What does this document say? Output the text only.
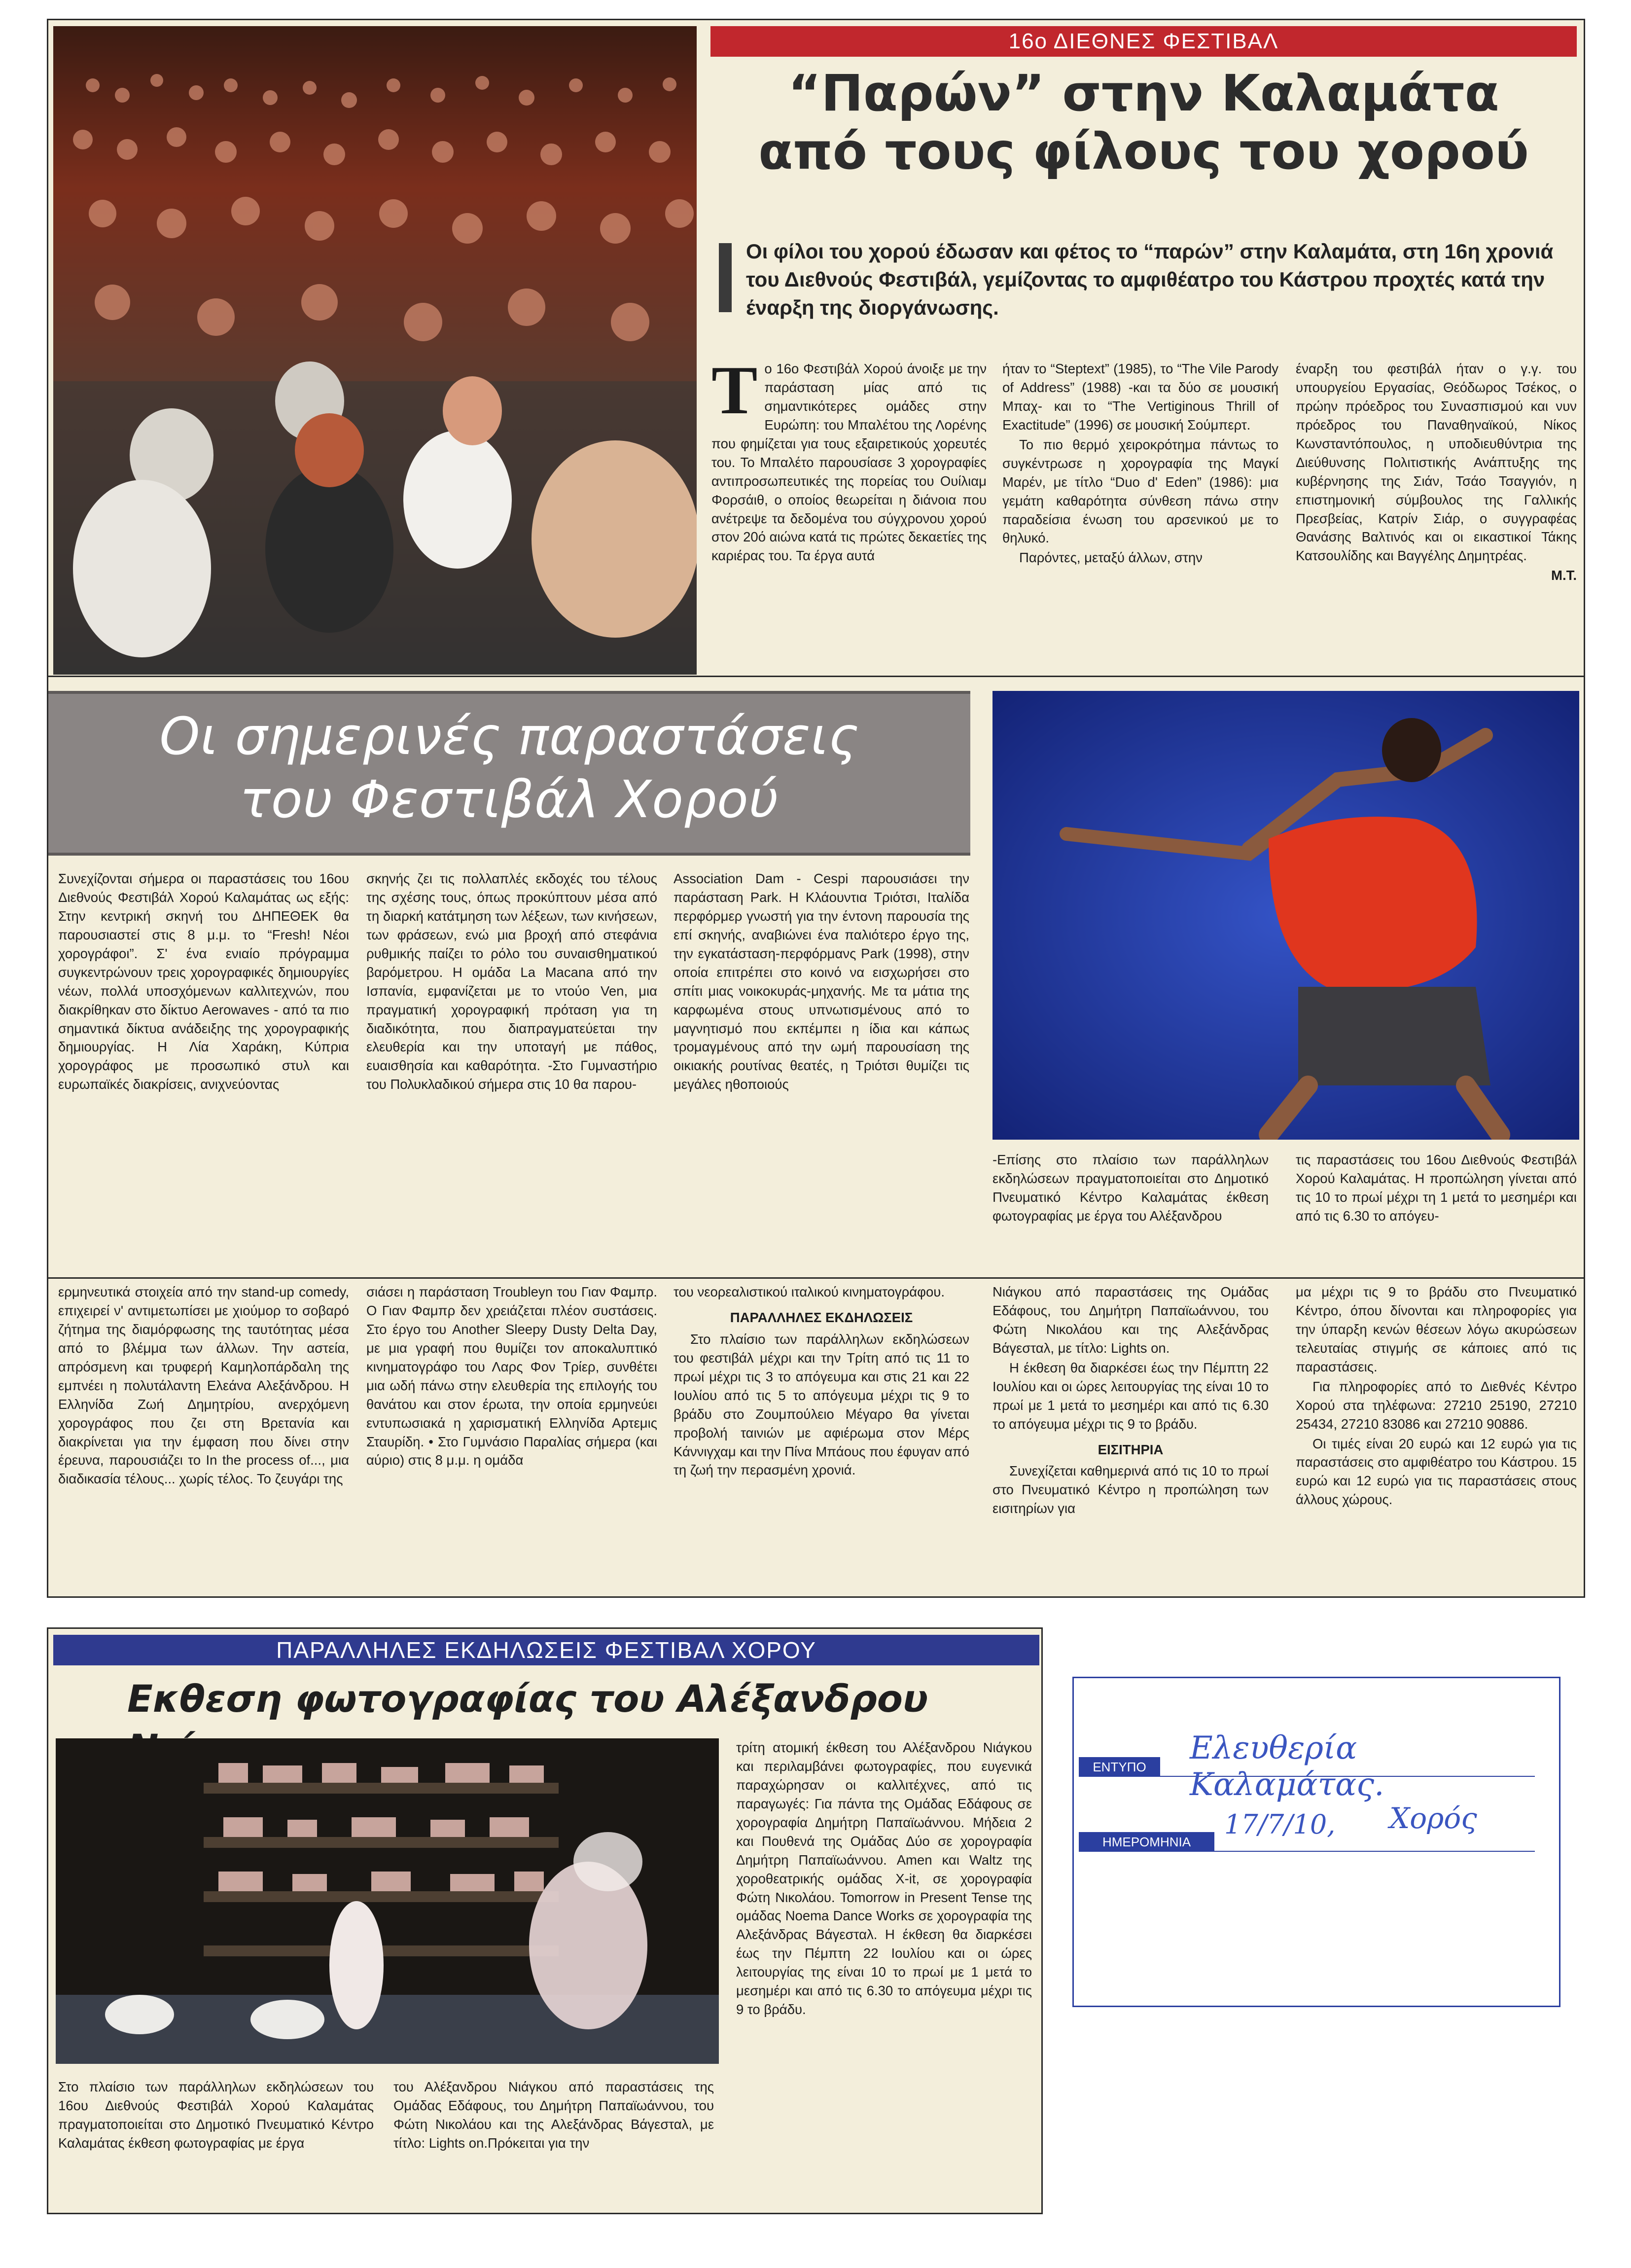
16ο ΔΙΕΘΝΕΣ ΦΕΣΤΙΒΑΛ
“Παρών” στην Καλαμάτα
από τους φίλους του χορού
Οι φίλοι του χορού έδωσαν και φέτος το “παρών” στην Καλαμάτα, στη 16η χρονιά του Διεθνούς Φεστιβάλ, γεμίζοντας το αμφιθέατρο του Κάστρου προχτές κατά την έναρξη της διοργάνωσης.
Τ ο 16ο Φεστιβάλ Χορού άνοιξε με την παράσταση μίας από τις σημαντικότερες ομάδες στην Ευρώπη: του Μπαλέτου της Λορένης που φημίζεται για τους εξαιρετικούς χορευτές του. Το Μπαλέτο παρουσίασε 3 χορογραφίες αντιπροσωπευτικές της πορείας του Ουίλιαμ Φορσάιθ, ο οποίος θεωρείται η διάνοια που ανέτρεψε τα δεδομένα του σύγχρονου χορού στον 20ό αιώνα κατά τις πρώτες δεκαετίες της καριέρας του. Τα έργα αυτά

ήταν το “Steptext” (1985), το “The Vile Parody of Address” (1988) -και τα δύο σε μουσική Μπαχ- και το “The Vertiginous Thrill of Exactitude” (1996) σε μουσική Σούμπερτ.

Το πιο θερμό χειροκρότημα πάντως το συγκέντρωσε η χορογραφία της Μαγκί Μαρέν, με τίτλο “Duo d' Eden” (1986): μια γεμάτη καθαρότητα σύνθεση πάνω στην παραδείσια ένωση του αρσενικού με το θηλυκό.

Παρόντες, μεταξύ άλλων, στην

έναρξη του φεστιβάλ ήταν ο γ.γ. του υπουργείου Εργασίας, Θεόδωρος Τσέκος, ο πρώην πρόεδρος του Συνασπισμού και νυν πρόεδρος του Παναθηναϊκού, Νίκος Κωνσταντόπουλος, η υποδιευθύντρια της Διεύθυνσης Πολιτιστικής Ανάπτυξης της κυβέρνησης της Σιάν, Τσάο Τσαγγιόν, η επιστημονική σύμβουλος της Γαλλικής Πρεσβείας, Κατρίν Σιάρ, ο συγγραφέας Θανάσης Βαλτινός και οι εικαστικοί Τάκης Κατσουλίδης και Βαγγέλης Δημητρέας.
Μ.Τ.
Οι σημερινές παραστάσεις
του Φεστιβάλ Χορού
Συνεχίζονται σήμερα οι παραστάσεις του 16ου Διεθνούς Φεστιβάλ Χορού Καλαμάτας ως εξής: Στην κεντρική σκηνή του ΔΗΠΕΘΕΚ θα παρουσιαστεί στις 8 μ.μ. το “Fresh! Νέοι χορογράφοι”. Σ' ένα ενιαίο πρόγραμμα συγκεντρώνουν τρεις χορογραφικές δημιουργίες νέων, πολλά υποσχόμενων καλλιτεχνών, που διακρίθηκαν στο δίκτυο Aerowaves - από τα πιο σημαντικά δίκτυα ανάδειξης της χορογραφικής δημιουργίας. Η Λία Χαράκη, Κύπρια χορογράφος με προσωπικό στυλ και ευρωπαϊκές διακρίσεις, ανιχνεύοντας
σκηνής ζει τις πολλαπλές εκδοχές του τέλους της σχέσης τους, όπως προκύπτουν μέσα από τη διαρκή κατάτμηση των λέξεων, των κινήσεων, των φράσεων, ενώ μια βροχή από στεφάνια ρυθμικής παίζει το ρόλο του συναισθηματικού βαρόμετρου. Η ομάδα La Macana από την Ισπανία, εμφανίζεται με το ντούο Ven, μια πραγματική χορογραφική πρόταση για τη διαδικότητα, που διαπραγματεύεται την ελευθερία και την υποταγή με πάθος, ευαισθησία και καθαρότητα. -Στο Γυμναστήριο του Πολυκλαδικού σήμερα στις 10 θα παρου-
Association Dam - Cespi παρουσιάσει την παράσταση Park. Η Κλάουντια Τριότσι, Ιταλίδα περφόρμερ γνωστή για την έντονη παρουσία της επί σκηνής, αναβιώνει ένα παλιότερο έργο της, την εγκατάσταση-περφόρμανς Park (1998), στην οποία επιτρέπει στο κοινό να εισχωρήσει στο σπίτι μιας νοικοκυράς-μηχανής. Με τα μάτια της καρφωμένα στους υπνωτισμένους από το μαγνητισμό που εκπέμπει η ίδια και κάπως τρομαγμένους από την ωμή παρουσίαση της οικιακής ρουτίνας θεατές, η Τριότσι θυμίζει τις μεγάλες ηθοποιούς
-Επίσης στο πλαίσιο των παράλληλων εκδηλώσεων πραγματοποιείται στο Δημοτικό Πνευματικό Κέντρο Καλαμάτας έκθεση φωτογραφίας με έργα του Αλέξανδρου
τις παραστάσεις του 16ου Διεθνούς Φεστιβάλ Χορού Καλαμάτας. Η προπώληση γίνεται από τις 10 το πρωί μέχρι τη 1 μετά το μεσημέρι και από τις 6.30 το απόγευ-
ερμηνευτικά στοιχεία από την stand-up comedy, επιχειρεί ν' αντιμετωπίσει με χιούμορ το σοβαρό ζήτημα της διαμόρφωσης της ταυτότητας μέσα από το βλέμμα των άλλων. Την αστεία, απρόσμενη και τρυφερή Καμηλοπάρδαλη της εμπνέει η πολυτάλαντη Ελεάνα Αλεξάνδρου. Η Ελληνίδα Ζωή Δημητρίου, ανερχόμενη χορογράφος που ζει στη Βρετανία και διακρίνεται για την έμφαση που δίνει στην έρευνα, παρουσιάζει το In the process of..., μια διαδικασία τέλους... χωρίς τέλος. Το ζευγάρι της
σιάσει η παράσταση Troubleyn του Γιαν Φαμπρ. Ο Γιαν Φαμπρ δεν χρειάζεται πλέον συστάσεις. Στο έργο του Another Sleepy Dusty Delta Day, με μια γραφή που θυμίζει τον αποκαλυπτικό κινηματογράφο του Λαρς Φον Τρίερ, συνθέτει μια ωδή πάνω στην ελευθερία της επιλογής του θανάτου και στον έρωτα, την οποία ερμηνεύει εντυπωσιακά η χαρισματική Ελληνίδα Αρτεμις Σταυρίδη. • Στο Γυμνάσιο Παραλίας σήμερα (και αύριο) στις 8 μ.μ. η ομάδα

του νεορεαλιστικού ιταλικού κινηματογράφου.

ΠΑΡΑΛΛΗΛΕΣ ΕΚΔΗΛΩΣΕΙΣ

Στο πλαίσιο των παράλληλων εκδηλώσεων του φεστιβάλ μέχρι και την Τρίτη από τις 11 το πρωί μέχρι τις 3 το απόγευμα και στις 21 και 22 Ιουλίου από τις 5 το απόγευμα μέχρι τις 9 το βράδυ στο Ζουμπούλειο Μέγαρο θα γίνεται προβολή ταινιών με αφιέρωμα στον Μέρς Κάννιγχαμ και την Πίνα Μπάους που έφυγαν από τη ζωή την περασμένη χρονιά.

Νιάγκου από παραστάσεις της Ομάδας Εδάφους, του Δημήτρη Παπαϊωάννου, του Φώτη Νικολάου και της Αλεξάνδρας Βάγεσταλ, με τίτλο: Lights on.

Η έκθεση θα διαρκέσει έως την Πέμπτη 22 Ιουλίου και οι ώρες λειτουργίας της είναι 10 το πρωί με 1 μετά το μεσημέρι και από τις 6.30 το απόγευμα μέχρι τις 9 το βράδυ.

ΕΙΣΙΤΗΡΙΑ

Συνεχίζεται καθημερινά από τις 10 το πρωί στο Πνευματικό Κέντρο η προπώληση των εισιτηρίων για

μα μέχρι τις 9 το βράδυ στο Πνευματικό Κέντρο, όπου δίνονται και πληροφορίες για την ύπαρξη κενών θέσεων λόγω ακυρώσεων τελευταίας στιγμής σε κάποιες από τις παραστάσεις.

Για πληροφορίες από το Διεθνές Κέντρο Χορού στα τηλέφωνα: 27210 25190, 27210 25434, 27210 83086 και 27210 90886.

Οι τιμές είναι 20 ευρώ και 12 ευρώ για τις παραστάσεις στο αμφιθέατρο του Κάστρου. 15 ευρώ και 12 ευρώ για τις παραστάσεις στους άλλους χώρους.

ΠΑΡΑΛΛΗΛΕΣ ΕΚΔΗΛΩΣΕΙΣ ΦΕΣΤΙΒΑΛ ΧΟΡΟΥ
Εκθεση φωτογραφίας του Αλέξανδρου
τρίτη ατομική έκθεση του Αλέξανδρου Νιάγκου και περιλαμβάνει φωτογραφίες, που ευγενικά παραχώρησαν οι καλλιτέχνες, από τις παραγωγές: Για πάντα της Ομάδας Εδάφους σε χορογραφία Δημήτρη Παπαϊωάννου. Μήδεια 2 και Πουθενά της Ομάδας Δύο σε χορογραφία Δημήτρη Παπαϊωάννου. Amen και Waltz της χοροθεατρικής ομάδας X-it, σε χορογραφία Φώτη Νικολάου. Tomorrow in Present Tense της ομάδας Noema Dance Works σε χορογραφία της Αλεξάνδρας Βάγεσταλ. Η έκθεση θα διαρκέσει έως την Πέμπτη 22 Ιουλίου και οι ώρες λειτουργίας της είναι 10 το πρωί με 1 μετά το μεσημέρι και από τις 6.30 το απόγευμα μέχρι τις 9 το βράδυ.
Στο πλαίσιο των παράλληλων εκδηλώσεων του 16ου Διεθνούς Φεστιβάλ Χορού Καλαμάτας πραγματοποιείται στο Δημοτικό Πνευματικό Κέντρο Καλαμάτας έκθεση φωτογραφίας με έργα
του Αλέξανδρου Νιάγκου από παραστάσεις της Ομάδας Εδάφους, του Δημήτρη Παπαϊωάννου, του Φώτη Νικολάου και της Αλεξάνδρας Βάγεσταλ, με τίτλο: Lights on.Πρόκειται για την
ΕΝΤΥΠΟ
Ελευθερία Καλαμάτας.
ΗΜΕΡΟΜΗΝΙΑ
17/7/10, Χορός
